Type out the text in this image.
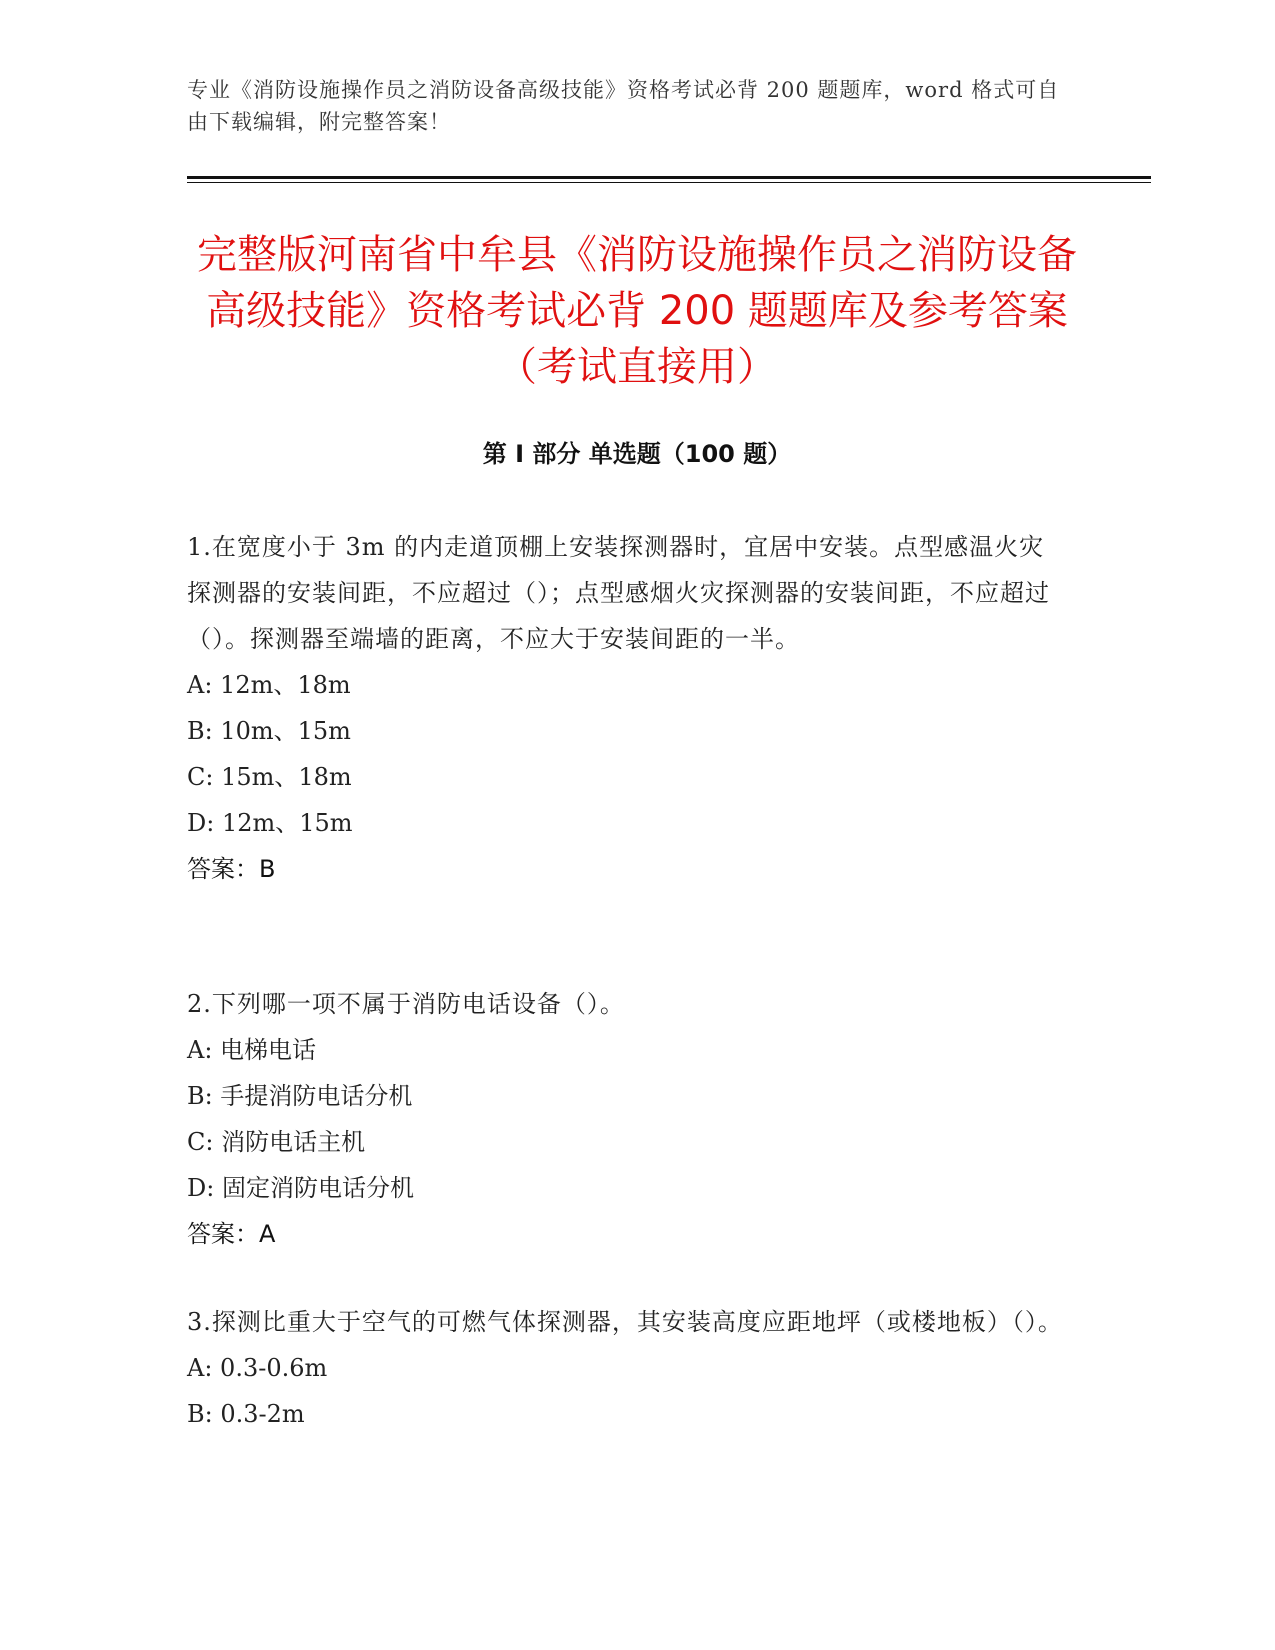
专业《消防设施操作员之消防设备高级技能》资格考试必背 200 题题库，word 格式可自由下载编辑，附完整答案！
完整版河南省中牟县《消防设施操作员之消防设备高级技能》资格考试必背 200 题题库及参考答案（考试直接用）
第 I 部分 单选题（100 题）
1.在宽度小于 3m 的内走道顶棚上安装探测器时，宜居中安装。点型感温火灾探测器的安装间距，不应超过（）；点型感烟火灾探测器的安装间距，不应超过（）。探测器至端墙的距离，不应大于安装间距的一半。
A: 12m、18m
B: 10m、15m
C: 15m、18m
D: 12m、15m
答案：B
2.下列哪一项不属于消防电话设备（）。
A: 电梯电话
B: 手提消防电话分机
C: 消防电话主机
D: 固定消防电话分机
答案：A
3.探测比重大于空气的可燃气体探测器，其安装高度应距地坪（或楼地板）（）。
A: 0.3-0.6m
B: 0.3-2m
